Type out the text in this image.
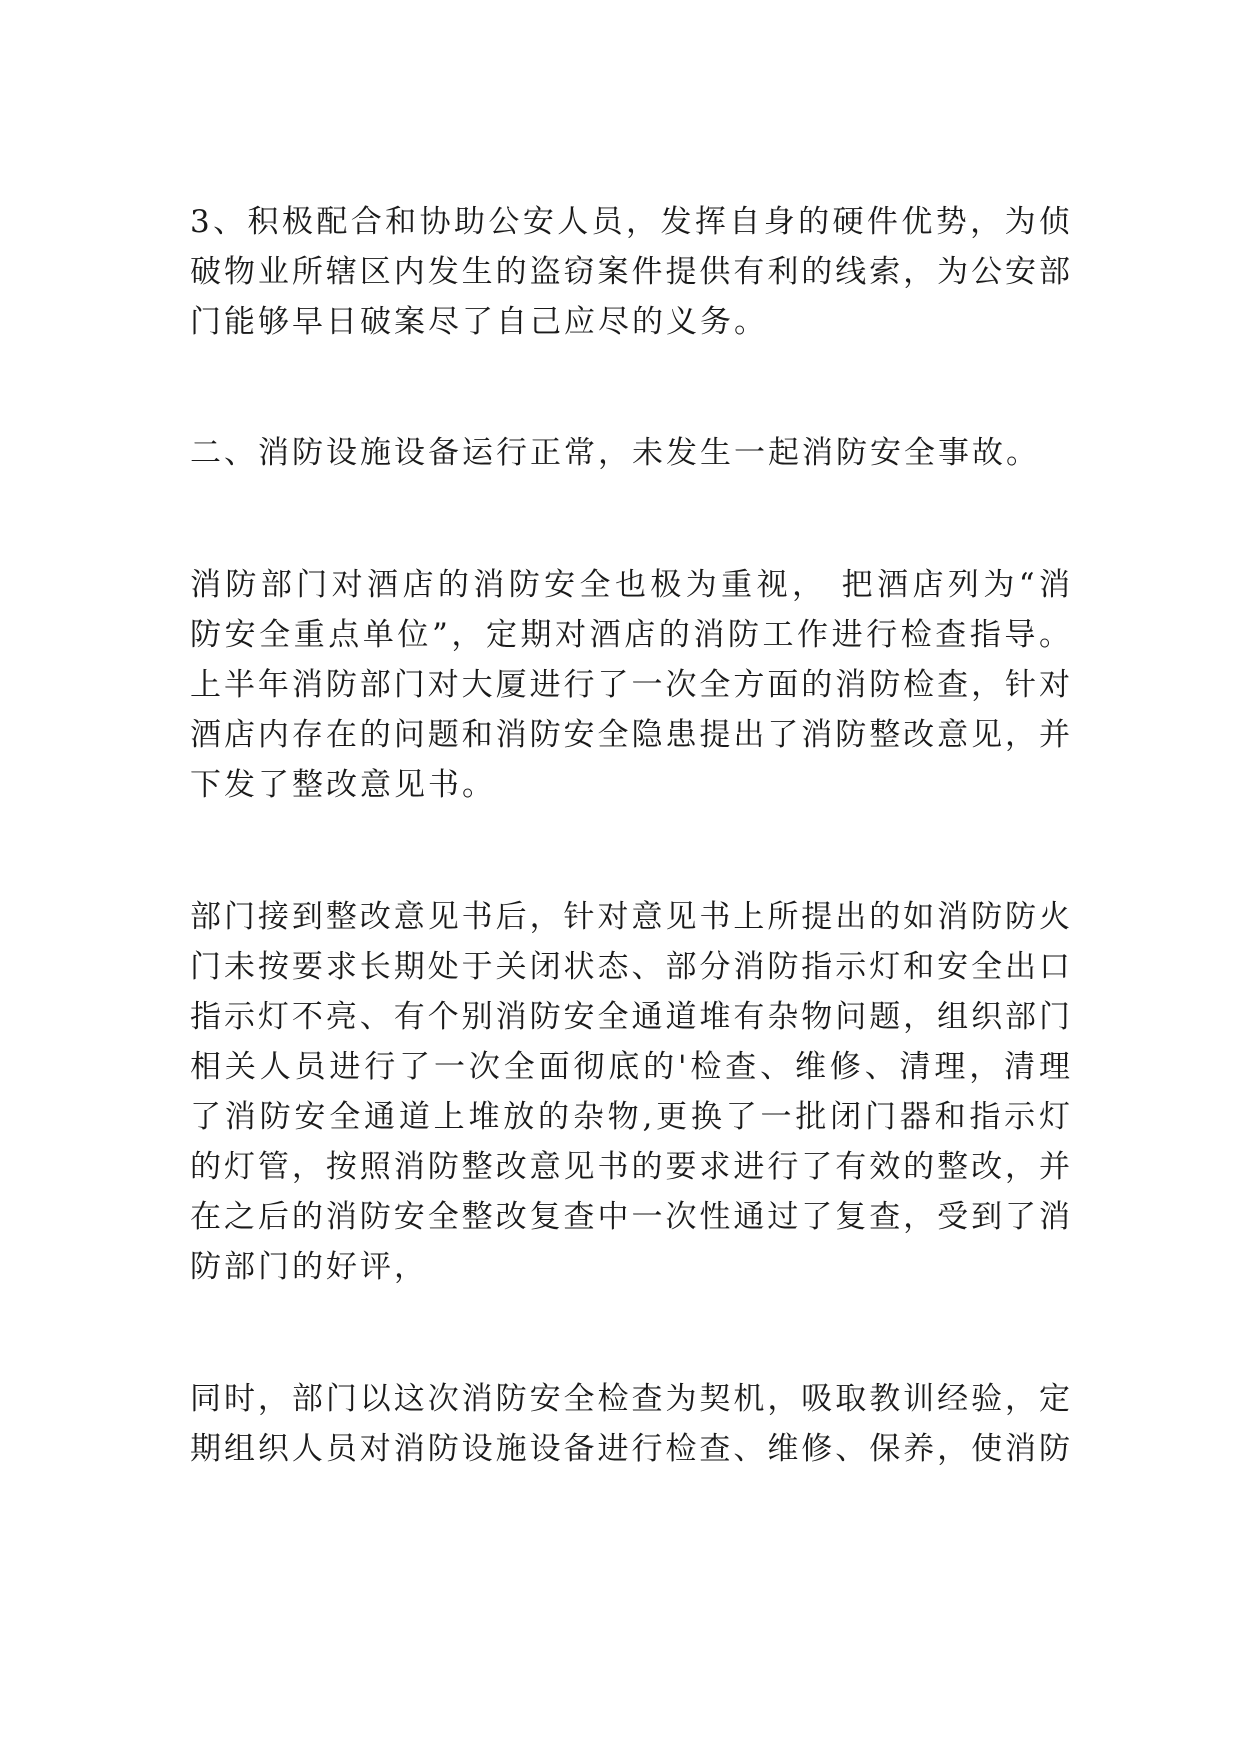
3、积极配合和协助公安人员，发挥自身的硬件优势，为侦
破物业所辖区内发生的盗窃案件提供有利的线索，为公安部
门能够早日破案尽了自己应尽的义务。
二、消防设施设备运行正常，未发生一起消防安全事故。
消防部门对酒店的消防安全也极为重视， 把酒店列为“消
防安全重点单位”，定期对酒店的消防工作进行检查指导。
上半年消防部门对大厦进行了一次全方面的消防检查，针对
酒店内存在的问题和消防安全隐患提出了消防整改意见，并
下发了整改意见书。
部门接到整改意见书后，针对意见书上所提出的如消防防火
门未按要求长期处于关闭状态、部分消防指示灯和安全出口
指示灯不亮、有个别消防安全通道堆有杂物问题，组织部门
相关人员进行了一次全面彻底的'检查、维修、清理，清理
了消防安全通道上堆放的杂物,更换了一批闭门器和指示灯
的灯管，按照消防整改意见书的要求进行了有效的整改，并
在之后的消防安全整改复查中一次性通过了复查，受到了消
防部门的好评，
同时，部门以这次消防安全检查为契机，吸取教训经验，定
期组织人员对消防设施设备进行检查、维修、保养，使消防
